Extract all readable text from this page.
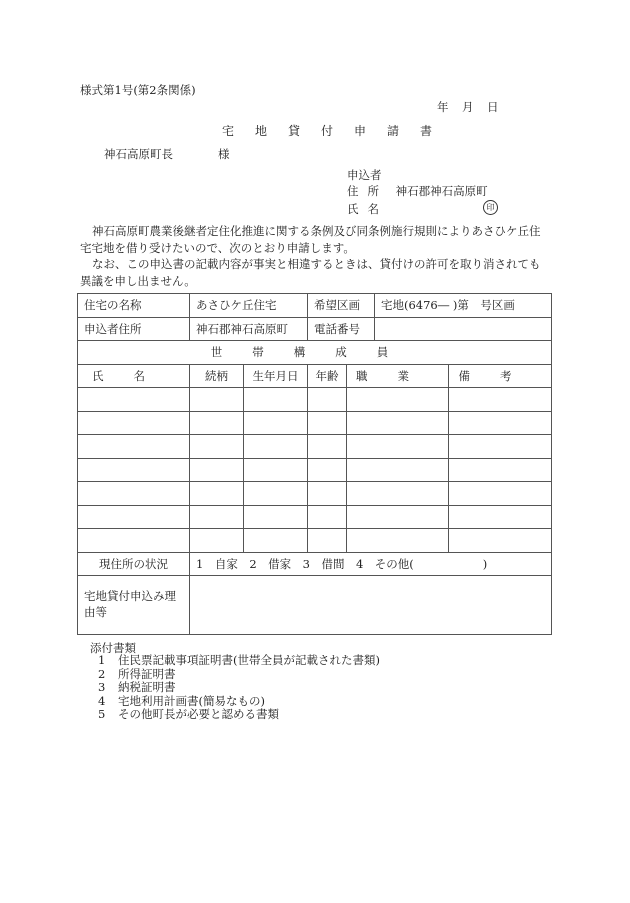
様式第1号(第2条関係)
年　月　日
宅地貸付申請書
神石高原町長	様
申込者
住所 神石郡神石高原町
氏名	印
神石高原町農業後継者定住化推進に関する条例及び同条例施行規則によりあさひケ丘住宅宅地を借り受けたいので、次のとおり申請します。
なお、この申込書の記載内容が事実と相違するときは、貸付けの許可を取り消されても異議を申し出ません。
住宅の名称	あさひケ丘住宅		希望区画		宅地(6476― )第　号区画	
申込者住所	神石郡神石高原町		電話番号			
世帯構成員						
氏名	続柄	生年月日	年齢	職業		備考

現住所の状況	1　自家　2　借家　3　借間　4　その他(　　　　　　)					
宅地貸付申込み理由等						
添付書類
1 住民票記載事項証明書(世帯全員が記載された書類)
2 所得証明書
3 納税証明書
4 宅地利用計画書(簡易なもの)
5 その他町長が必要と認める書類
